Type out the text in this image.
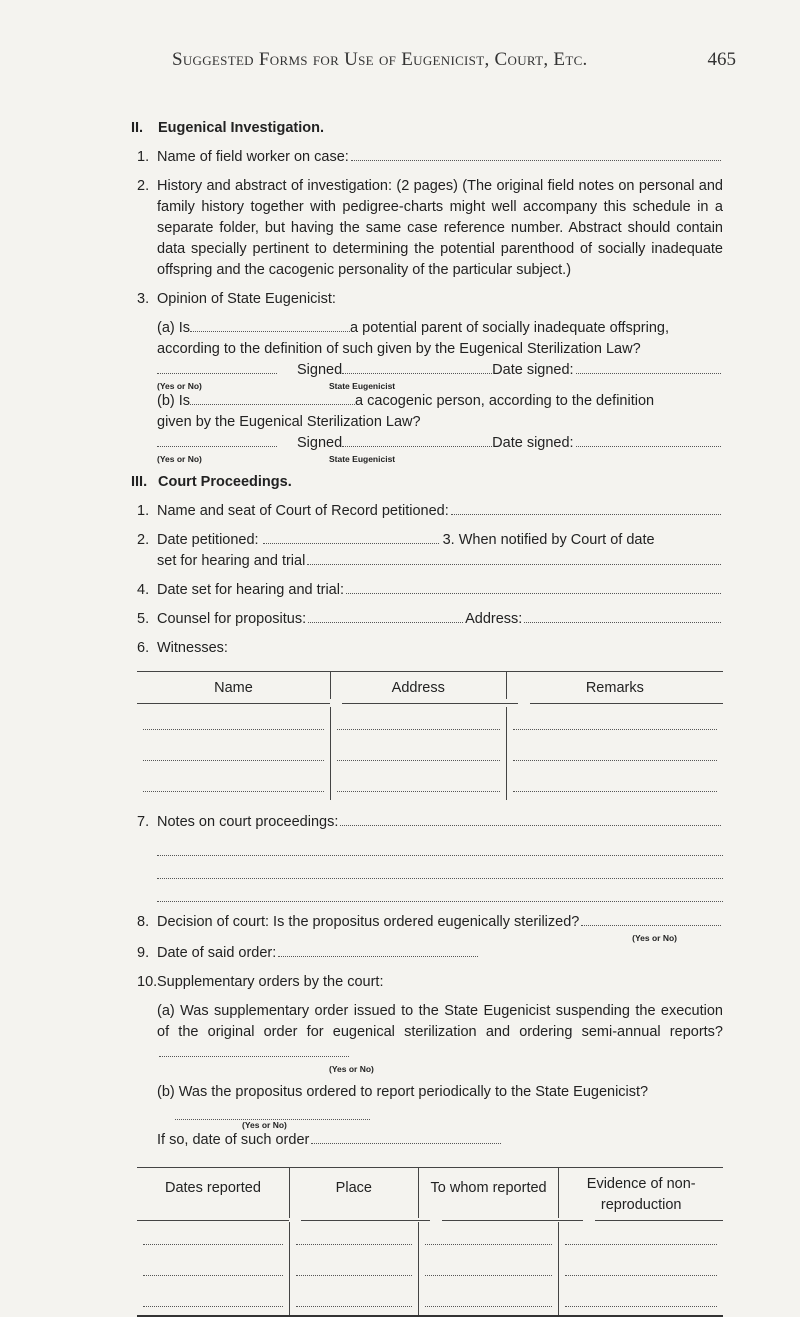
Suggested Forms for Use of Eugenicist, Court, Etc.	465
II. Eugenical Investigation.
1. Name of field worker on case:
2. History and abstract of investigation: (2 pages) (The original field notes on personal and family history together with pedigree-charts might well accompany this schedule in a separate folder, but having the same case reference number. Abstract should contain data specially pertinent to determining the potential parenthood of socially inadequate offspring and the cacogenic personality of the particular subject.)
3. Opinion of State Eugenicist:
(a) Is	a potential parent of socially inadequate offspring,
according to the definition of such given by the Eugenical Sterilization Law?
Signed	Date signed:
(Yes or No)	State Eugenicist
(b) Is	a cacogenic person, according to the definition
given by the Eugenical Sterilization Law?
Signed	Date signed:
(Yes or No)	State Eugenicist
III. Court Proceedings.
1. Name and seat of Court of Record petitioned:
2. Date petitioned:	3. When notified by Court of date
set for hearing and trial
4. Date set for hearing and trial:
5. Counsel for propositus:	Address:
6. Witnesses:
Name	Address	Remarks

7. Notes on court proceedings:
8. Decision of court: Is the propositus ordered eugenically sterilized?
(Yes or No)
9. Date of said order:
10. Supplementary orders by the court:
(a) Was supplementary order issued to the State Eugenicist suspending the execution of the original order for eugenical sterilization and ordering semi-annual reports?
(Yes or No)
(b) Was the propositus ordered to report periodically to the State Eugenicist?
(Yes or No)
If so, date of such order
Dates reported	Place	To whom reported	Evidence of non-reproduction
